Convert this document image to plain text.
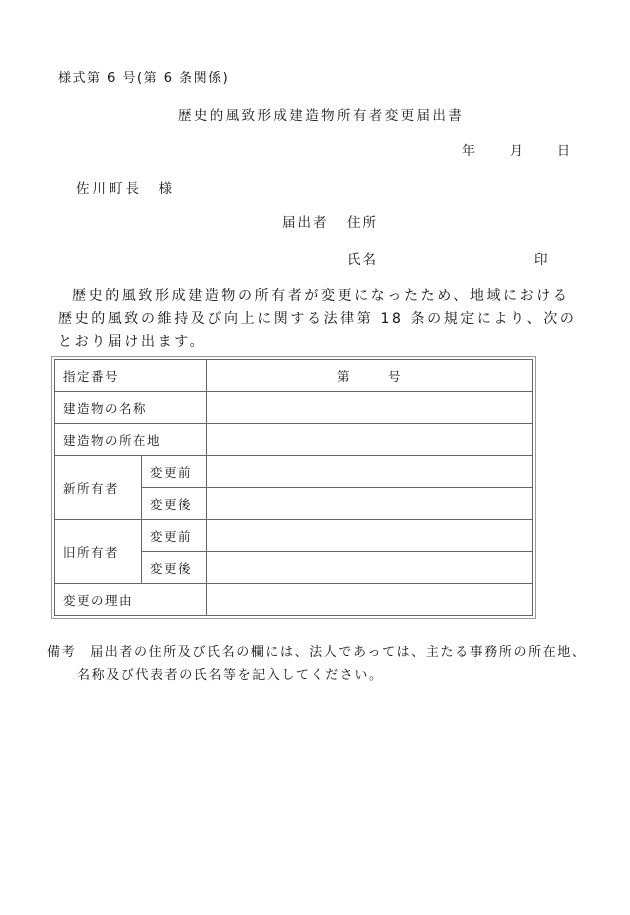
様式第 6 号(第 6 条関係)
歴史的風致形成建造物所有者変更届出書
年	月 日
佐川町長　様
届出者 住所
氏名	印
歴史的風致形成建造物の所有者が変更になったため、地域における歴史的風致の維持及び向上に関する法律第 18 条の規定により、次のとおり届け出ます。
指定番号		第 号
建造物の名称		
建造物の所在地		
新所有者	変更前	
	変更後	
旧所有者	変更前	
	変更後	
変更の理由		
備考 届出者の住所及び氏名の欄には、法人であっては、主たる事務所の所在地、
名称及び代表者の氏名等を記入してください。
